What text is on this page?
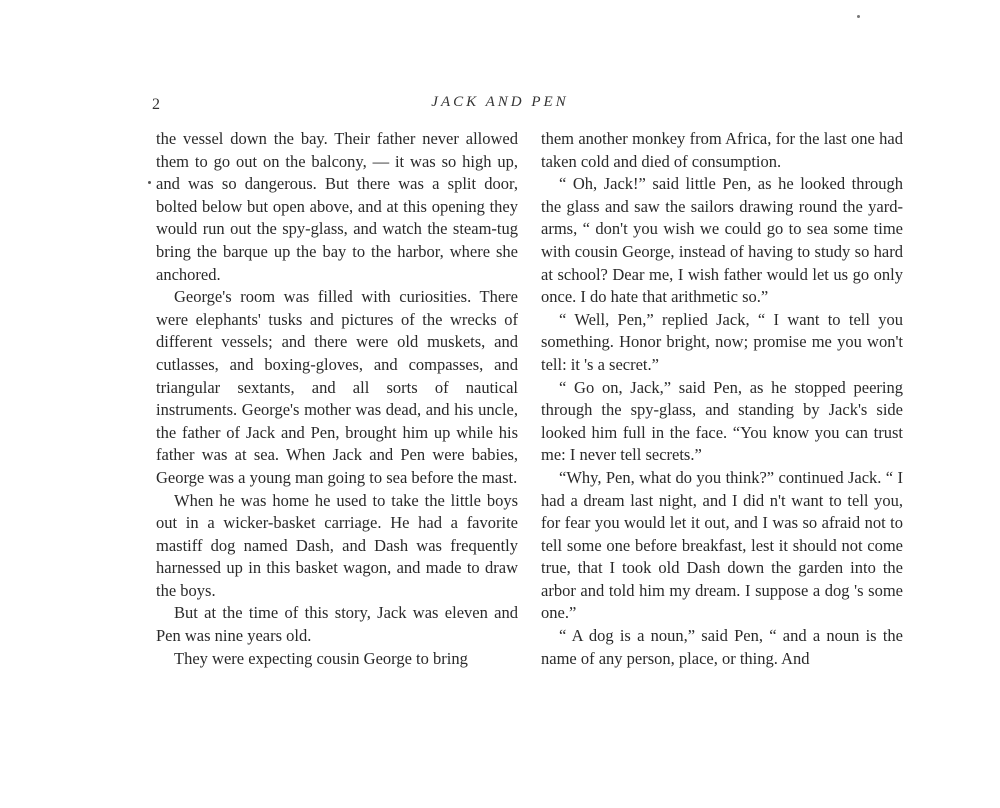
2	JACK AND PEN

the vessel down the bay. Their father never allowed them to go out on the balcony, — it was so high up, and was so dangerous. But there was a split door, bolted below but open above, and at this opening they would run out the spy-glass, and watch the steam-tug bring the barque up the bay to the harbor, where she anchored.

George's room was filled with curiosities. There were elephants' tusks and pictures of the wrecks of different vessels; and there were old muskets, and cutlasses, and boxing-gloves, and compasses, and triangular sextants, and all sorts of nautical instruments. George's mother was dead, and his uncle, the father of Jack and Pen, brought him up while his father was at sea. When Jack and Pen were babies, George was a young man going to sea before the mast.

When he was home he used to take the little boys out in a wicker-basket carriage. He had a favorite mastiff dog named Dash, and Dash was frequently harnessed up in this basket wagon, and made to draw the boys.

But at the time of this story, Jack was eleven and Pen was nine years old.

They were expecting cousin George to bring

them another monkey from Africa, for the last one had taken cold and died of consumption.

“ Oh, Jack!” said little Pen, as he looked through the glass and saw the sailors drawing round the yard-arms, “ don't you wish we could go to sea some time with cousin George, instead of having to study so hard at school? Dear me, I wish father would let us go only once. I do hate that arithmetic so.”

“ Well, Pen,” replied Jack, “ I want to tell you something. Honor bright, now; promise me you won't tell: it 's a secret.”

“ Go on, Jack,” said Pen, as he stopped peering through the spy-glass, and standing by Jack's side looked him full in the face. “You know you can trust me: I never tell secrets.”

“Why, Pen, what do you think?” continued Jack. “ I had a dream last night, and I did n't want to tell you, for fear you would let it out, and I was so afraid not to tell some one before breakfast, lest it should not come true, that I took old Dash down the garden into the arbor and told him my dream. I suppose a dog 's some one.”

“ A dog is a noun,” said Pen, “ and a noun is the name of any person, place, or thing. And
